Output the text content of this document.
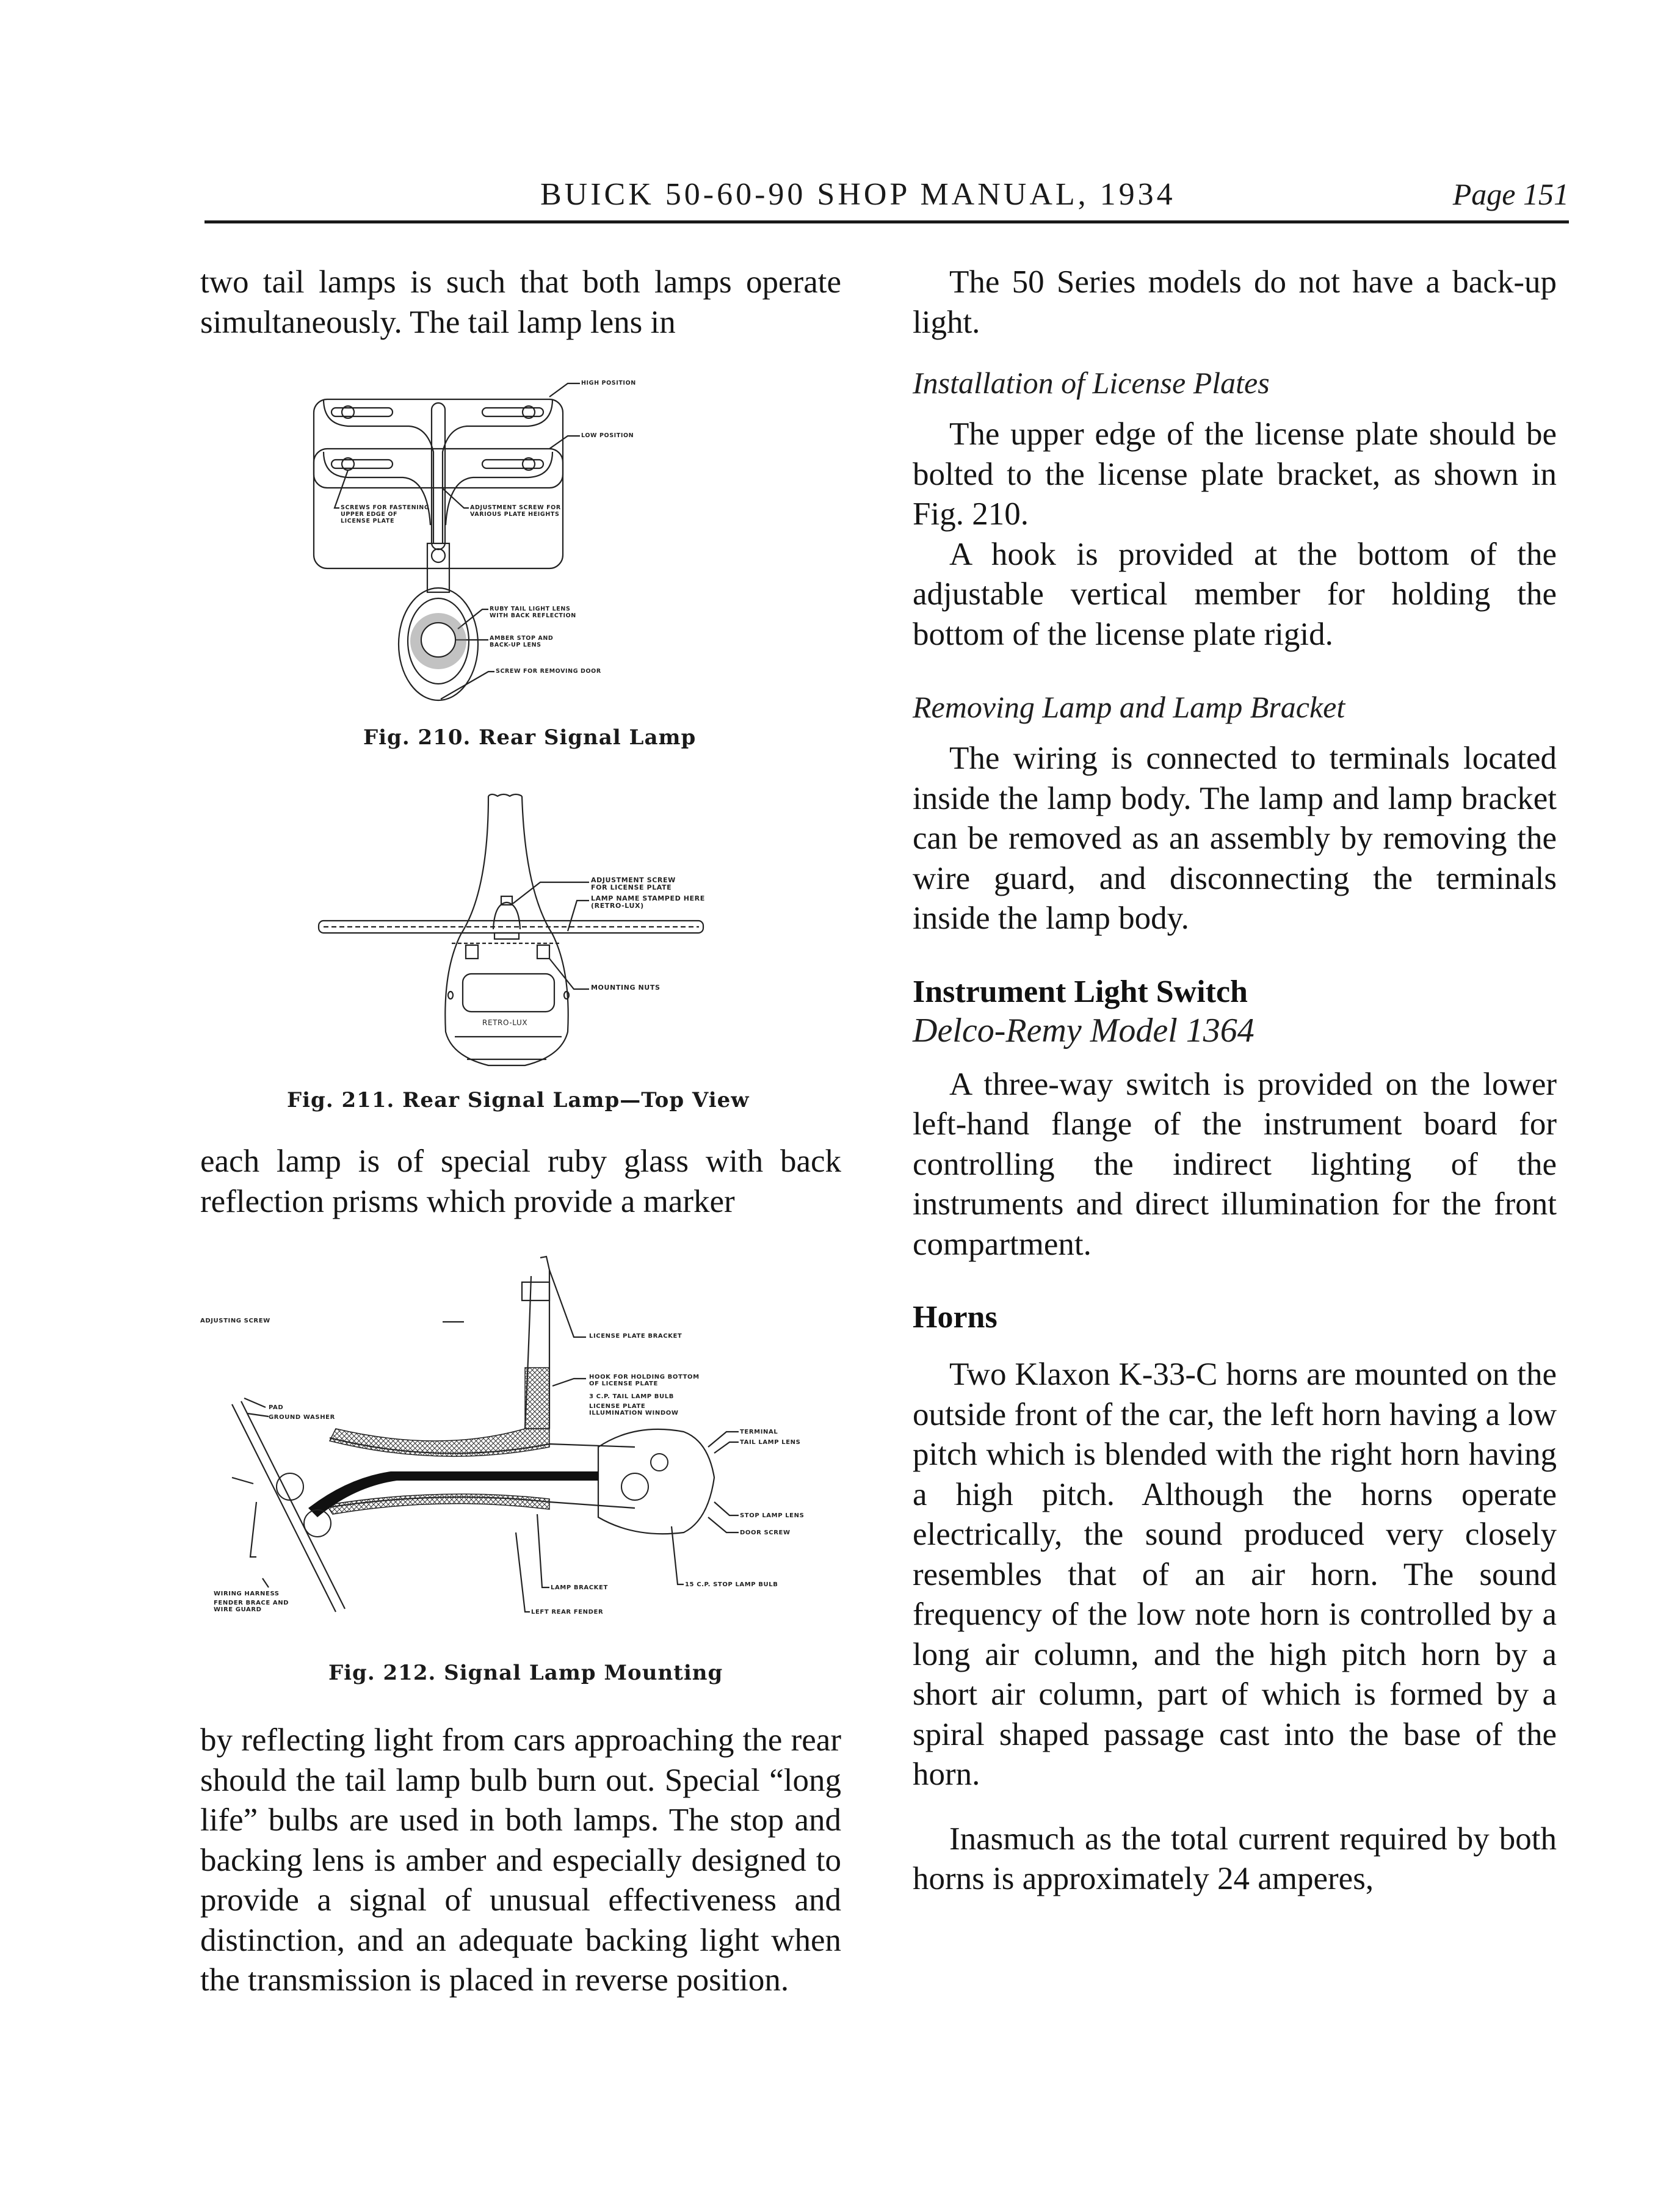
BUICK 50-60-90 SHOP MANUAL, 1934	Page 151

two tail lamps is such that both lamps operate simultaneously. The tail lamp lens in

HIGH POSITION
LOW POSITION
SCREWS FOR FASTENING
UPPER EDGE OF
LICENSE PLATE
ADJUSTMENT SCREW FOR
VARIOUS PLATE HEIGHTS
RUBY TAIL LIGHT LENS
WITH BACK REFLECTION
AMBER STOP AND
BACK-UP LENS
SCREW FOR REMOVING DOOR
Fig. 210. Rear Signal Lamp
ADJUSTMENT SCREW
FOR LICENSE PLATE
LAMP NAME STAMPED HERE
(RETRO-LUX)
MOUNTING NUTS
RETRO-LUX
Fig. 211. Rear Signal Lamp—Top View

each lamp is of special ruby glass with back reflection prisms which provide a marker

ADJUSTING SCREW
LICENSE PLATE BRACKET
HOOK FOR HOLDING BOTTOM
OF LICENSE PLATE
3 C.P. TAIL LAMP BULB
LICENSE PLATE
ILLUMINATION WINDOW
TERMINAL
TAIL LAMP LENS
PAD
GROUND WASHER
STOP LAMP LENS
DOOR SCREW
WIRING HARNESS
FENDER BRACE AND
WIRE GUARD
15 C.P. STOP LAMP BULB
LAMP BRACKET
LEFT REAR FENDER
Fig. 212. Signal Lamp Mounting

by reflecting light from cars approaching the rear should the tail lamp bulb burn out. Special “long life” bulbs are used in both lamps. The stop and backing lens is amber and especially designed to provide a signal of unusual effectiveness and distinction, and an adequate backing light when the transmission is placed in reverse position.

The 50 Series models do not have a back-up light.

Installation of License Plates

The upper edge of the license plate should be bolted to the license plate bracket, as shown in Fig. 210.

A hook is provided at the bottom of the adjustable vertical member for holding the bottom of the license plate rigid.

Removing Lamp and Lamp Bracket

The wiring is connected to terminals located inside the lamp body. The lamp and lamp bracket can be removed as an assembly by removing the wire guard, and disconnecting the terminals inside the lamp body.

Instrument Light Switch

Delco-Remy Model 1364

A three-way switch is provided on the lower left-hand flange of the instrument board for controlling the indirect lighting of the instruments and direct illumination for the front compartment.

Horns

Two Klaxon K-33-C horns are mounted on the outside front of the car, the left horn having a low pitch which is blended with the right horn having a high pitch. Although the horns operate electrically, the sound produced very closely resembles that of an air horn. The sound frequency of the low note horn is controlled by a long air column, and the high pitch horn by a short air column, part of which is formed by a spiral shaped passage cast into the base of the horn.

Inasmuch as the total current required by both horns is approximately 24 amperes,
